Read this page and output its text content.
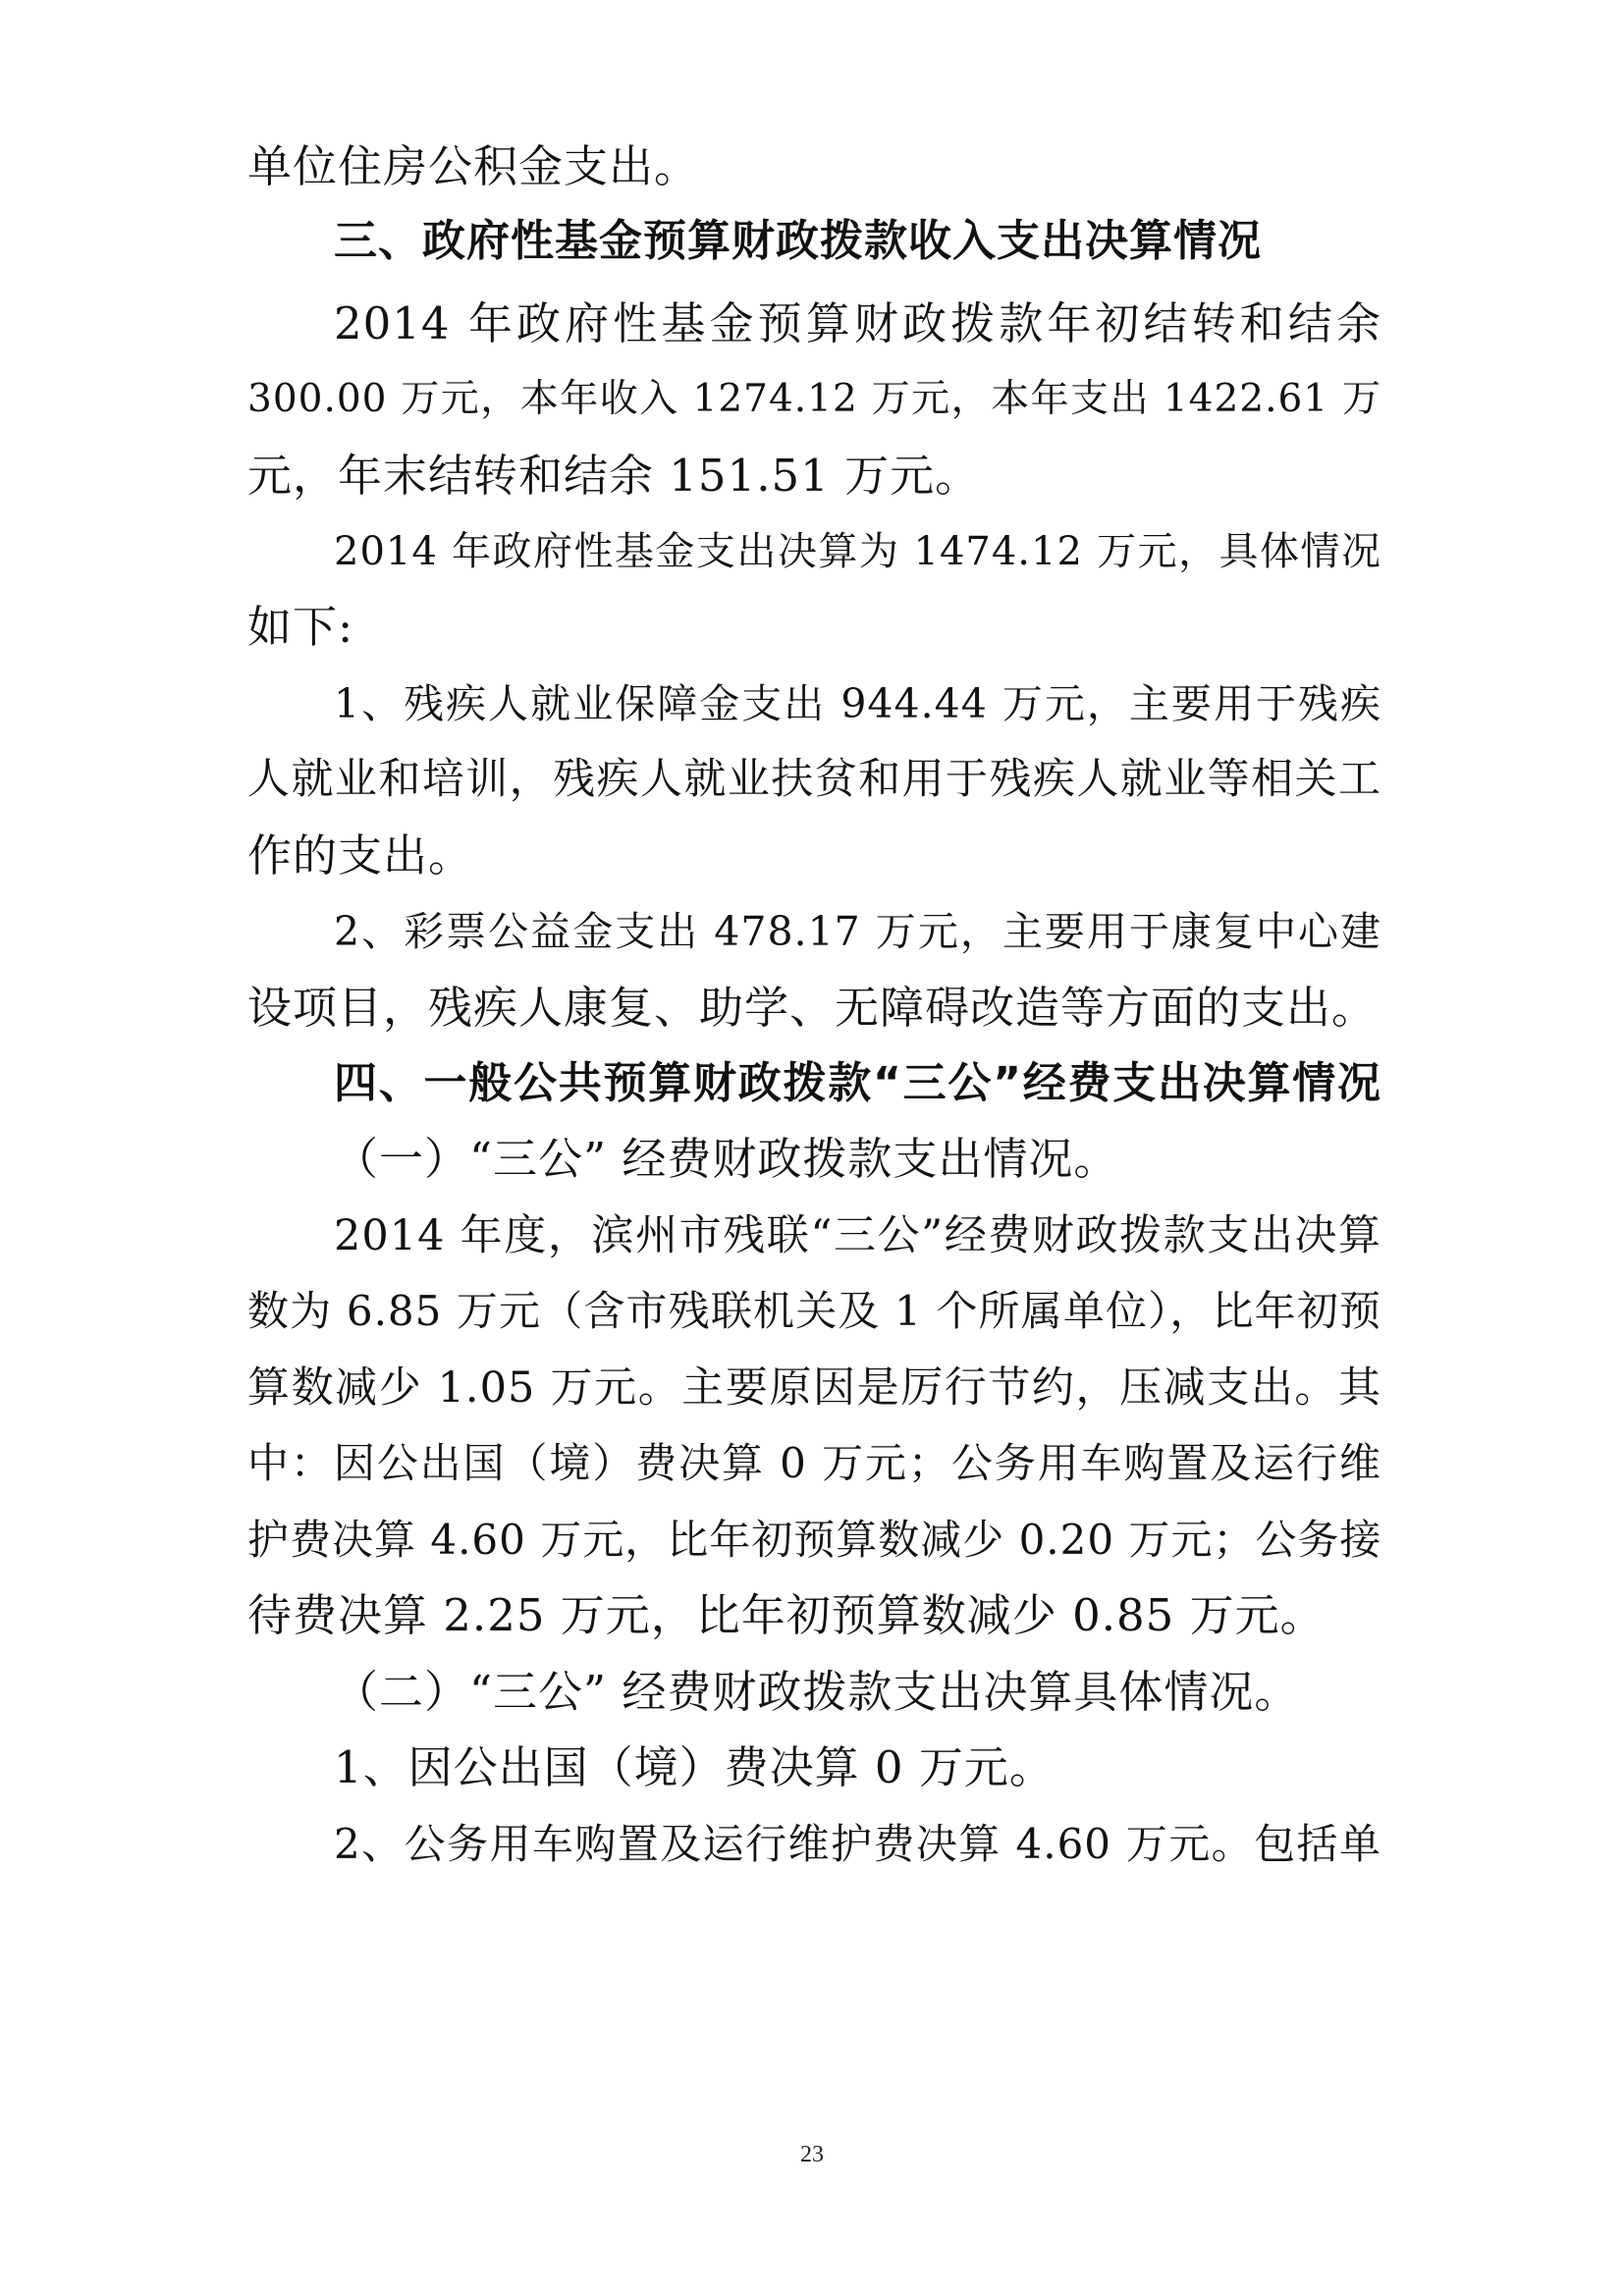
单位住房公积金支出。
三、政府性基金预算财政拨款收入支出决算情况
2014 年政府性基金预算财政拨款年初结转和结余
300.00 万元，本年收入 1274.12 万元，本年支出 1422.61 万
元，年末结转和结余 151.51 万元。
2014 年政府性基金支出决算为 1474.12 万元，具体情况
如下:
1、残疾人就业保障金支出 944.44 万元，主要用于残疾
人就业和培训，残疾人就业扶贫和用于残疾人就业等相关工
作的支出。
2、彩票公益金支出 478.17 万元，主要用于康复中心建
设项目，残疾人康复、助学、无障碍改造等方面的支出。
四、一般公共预算财政拨款“三公”经费支出决算情况
（一）“三公” 经费财政拨款支出情况。
2014 年度，滨州市残联“三公”经费财政拨款支出决算
数为 6.85 万元（含市残联机关及 1 个所属单位），比年初预
算数减少 1.05 万元。主要原因是厉行节约，压减支出。其
中：因公出国（境）费决算 0 万元；公务用车购置及运行维
护费决算 4.60 万元，比年初预算数减少 0.20 万元；公务接
待费决算 2.25 万元，比年初预算数减少 0.85 万元。
（二）“三公” 经费财政拨款支出决算具体情况。
1、因公出国（境）费决算 0 万元。
2、公务用车购置及运行维护费决算 4.60 万元。包括单
23
